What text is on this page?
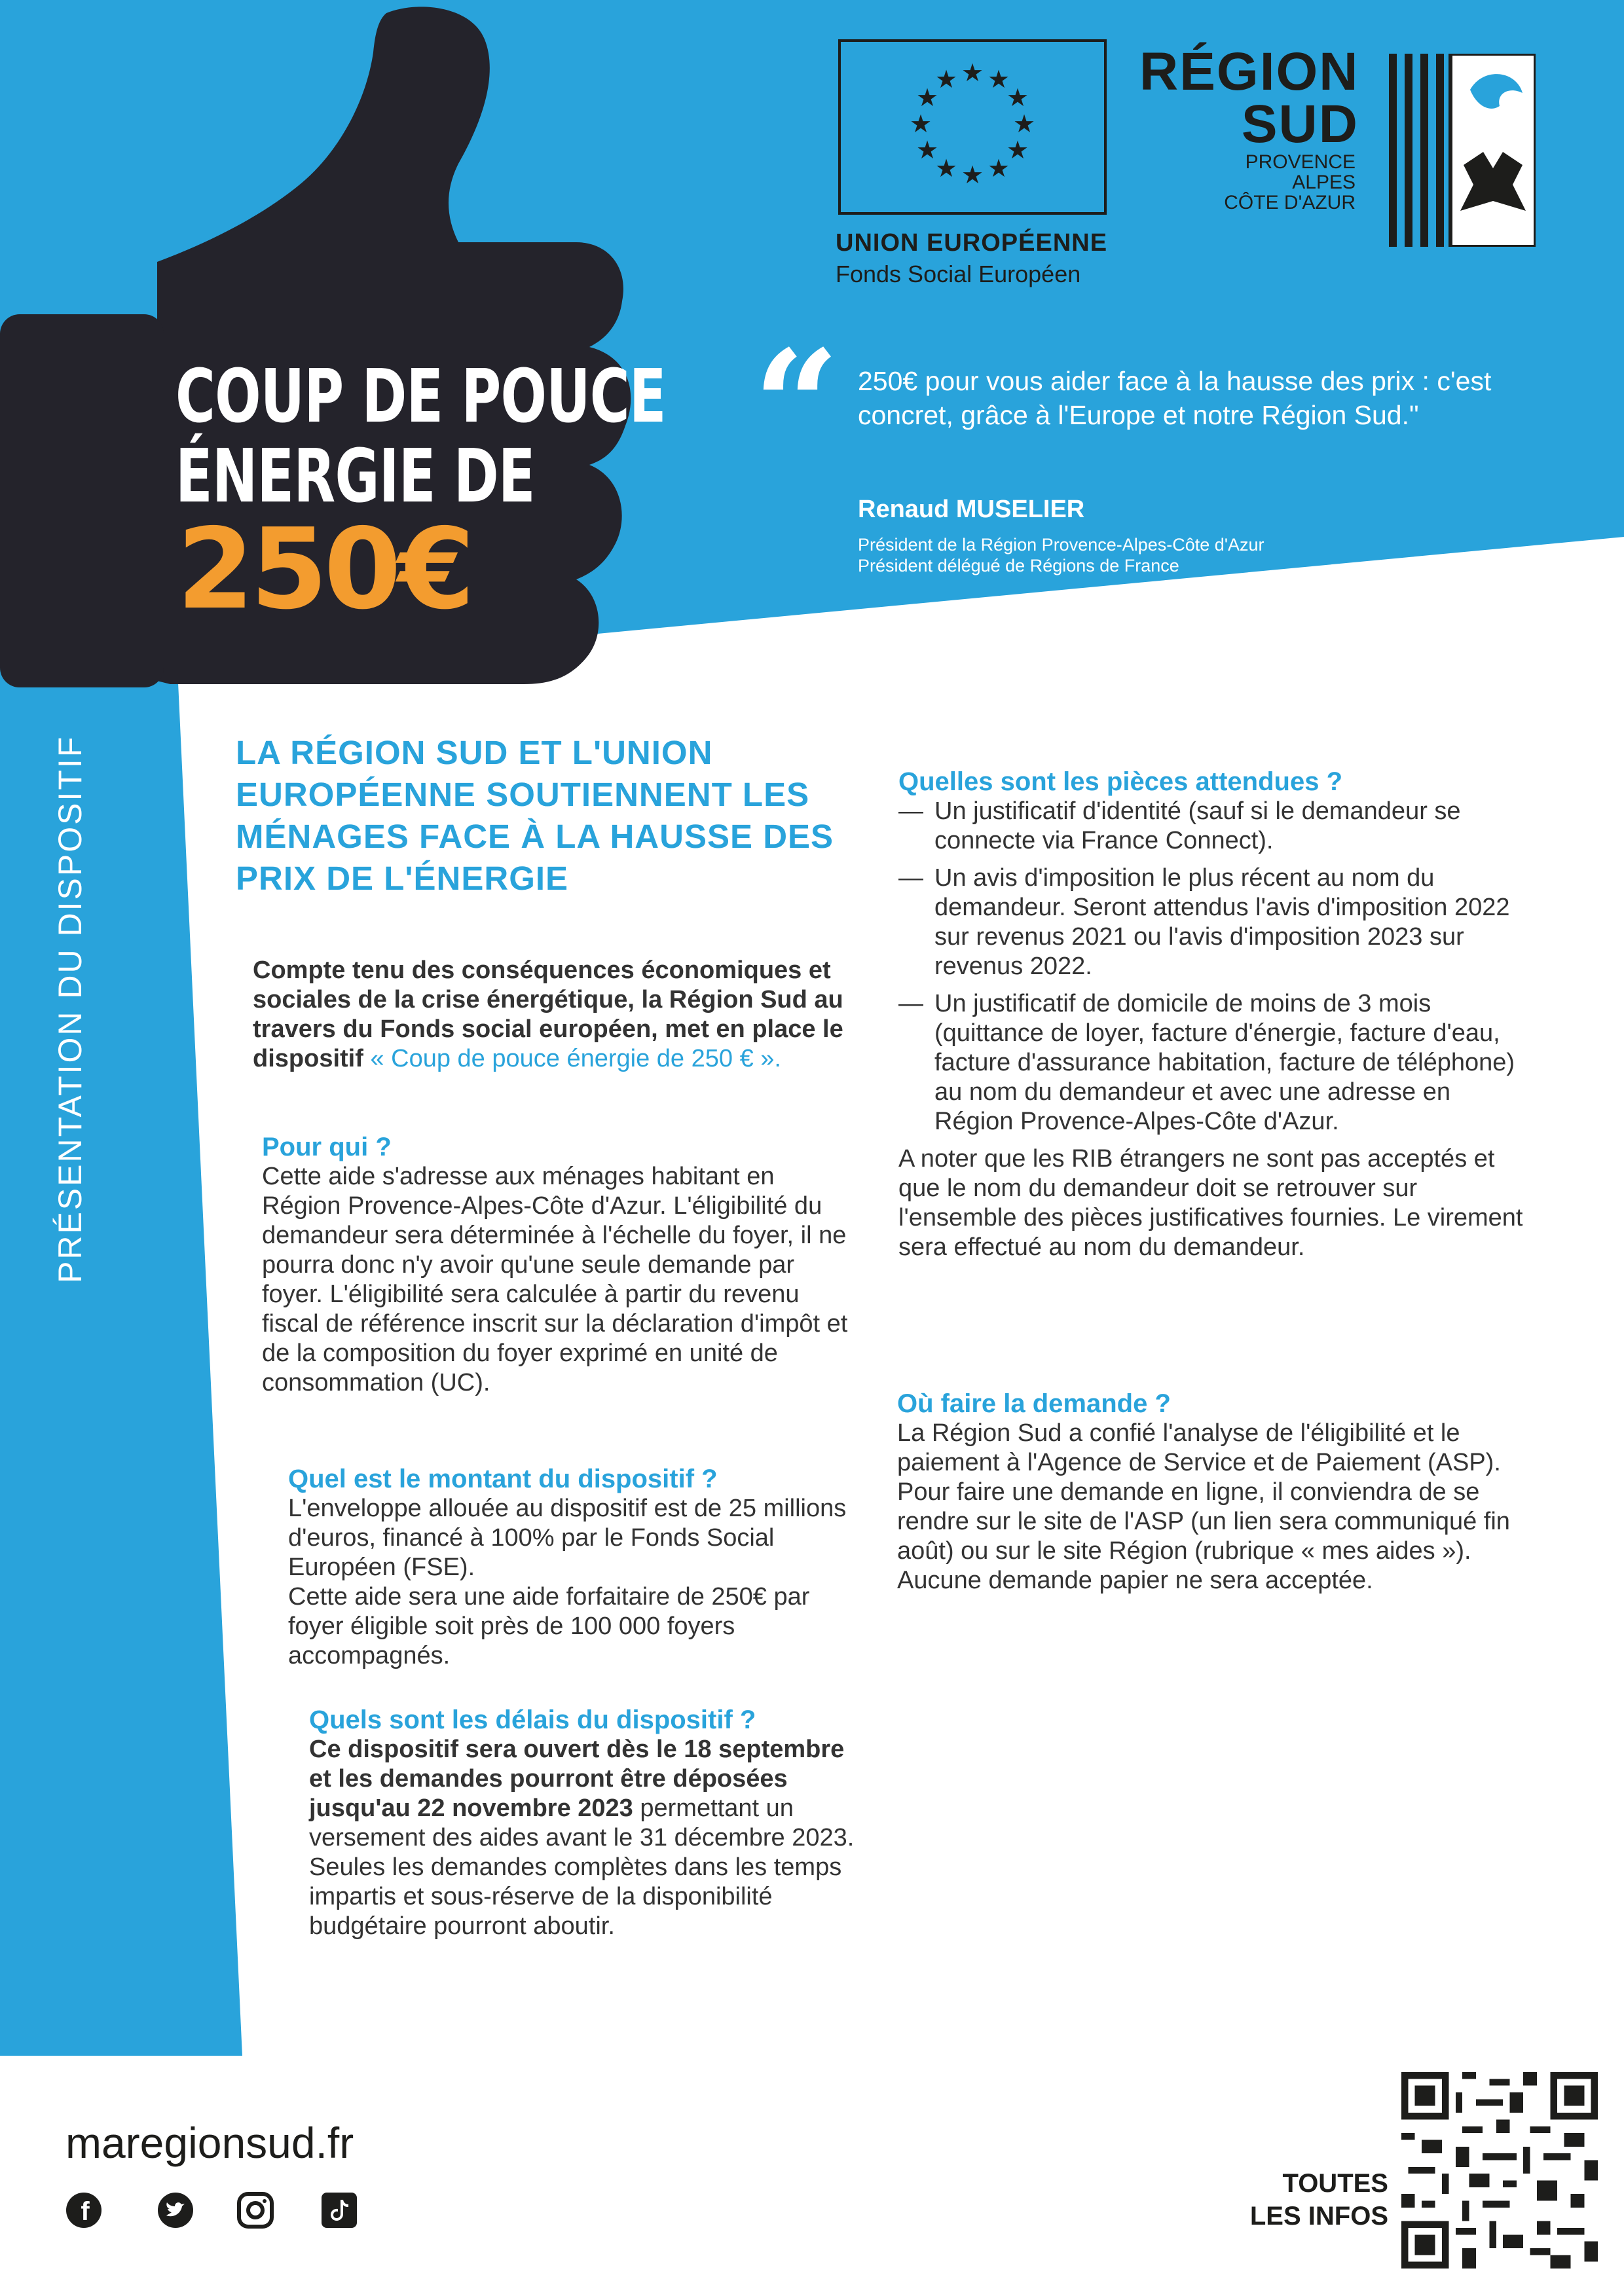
★ ★
★
★
★
★
★
★
★
★
★
★
UNION EUROPÉENNE
Fonds Social Européen
RÉGION
SUD
PROVENCE
ALPES
CÔTE D'AZUR
COUP DE POUCE
ÉNERGIE DE
250€
“ 250€ pour vous aider face à la hausse des prix : c'est concret, grâce à l'Europe et notre Région Sud."
Renaud MUSELIER
Président de la Région Provence-Alpes-Côte d'Azur
Président délégué de Régions de France
PRÉSENTATION DU DISPOSITIF	LA RÉGION SUD ET L'UNION EUROPÉENNE SOUTIENNENT LES MÉNAGES FACE À LA HAUSSE DES PRIX DE L'ÉNERGIE
Compte tenu des conséquences économiques et sociales de la crise énergétique, la Région Sud au travers du Fonds social européen, met en place le dispositif « Coup de pouce énergie de 250 € ».
Pour qui ?
Cette aide s'adresse aux ménages habitant en Région Provence-Alpes-Côte d'Azur. L'éligibilité du demandeur sera déterminée à l'échelle du foyer, il ne pourra donc n'y avoir qu'une seule demande par foyer. L'éligibilité sera calculée à partir du revenu fiscal de référence inscrit sur la déclaration d'impôt et de la composition du foyer exprimé en unité de consommation (UC).
Quel est le montant du dispositif ?
L'enveloppe allouée au dispositif est de 25 millions d'euros, financé à 100% par le Fonds Social Européen (FSE).
Cette aide sera une aide forfaitaire de 250€ par foyer éligible soit près de 100 000 foyers accompagnés.
Quels sont les délais du dispositif ?
Ce dispositif sera ouvert dès le 18 septembre et les demandes pourront être déposées jusqu'au 22 novembre 2023 permettant un versement des aides avant le 31 décembre 2023.
Seules les demandes complètes dans les temps impartis et sous-réserve de la disponibilité budgétaire pourront aboutir.
Quelles sont les pièces attendues ?
— Un justificatif d'identité (sauf si le demandeur se connecte via France Connect).
— Un avis d'imposition le plus récent au nom du demandeur. Seront attendus l'avis d'imposition 2022 sur revenus 2021 ou l'avis d'imposition 2023 sur revenus 2022.
— Un justificatif de domicile de moins de 3 mois (quittance de loyer, facture d'énergie, facture d'eau, facture d'assurance habitation, facture de téléphone) au nom du demandeur et avec une adresse en Région Provence-Alpes-Côte d'Azur.
A noter que les RIB étrangers ne sont pas acceptés et que le nom du demandeur doit se retrouver sur l'ensemble des pièces justificatives fournies. Le virement sera effectué au nom du demandeur.
Où faire la demande ?
La Région Sud a confié l'analyse de l'éligibilité et le paiement à l'Agence de Service et de Paiement (ASP).
Pour faire une demande en ligne, il conviendra de se rendre sur le site de l'ASP (un lien sera communiqué fin août) ou sur le site Région (rubrique « mes aides »).
Aucune demande papier ne sera acceptée.
maregionsud.fr
f
TOUTES
LES INFOS
